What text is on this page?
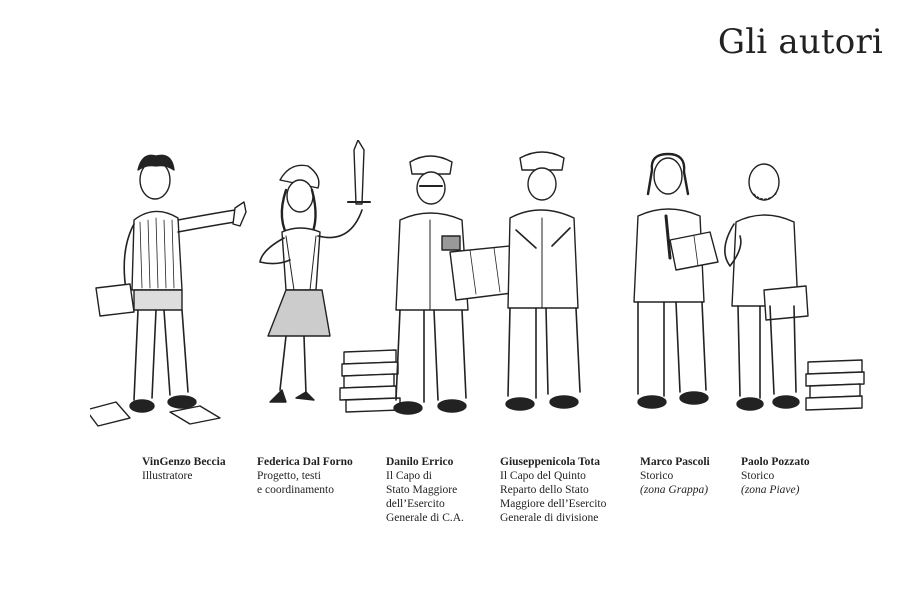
Gli autori
VinGenzo Beccia
Illustratore
Federica Dal Forno
Progetto, testi
e coordinamento
Danilo Errico
Il Capo di
Stato Maggiore
dell’Esercito
Generale di C.A.
Giuseppenicola Tota
Il Capo del Quinto
Reparto dello Stato
Maggiore dell’Esercito
Generale di divisione
Marco Pascoli
Storico
(zona Grappa)
Paolo Pozzato
Storico
(zona Piave)
